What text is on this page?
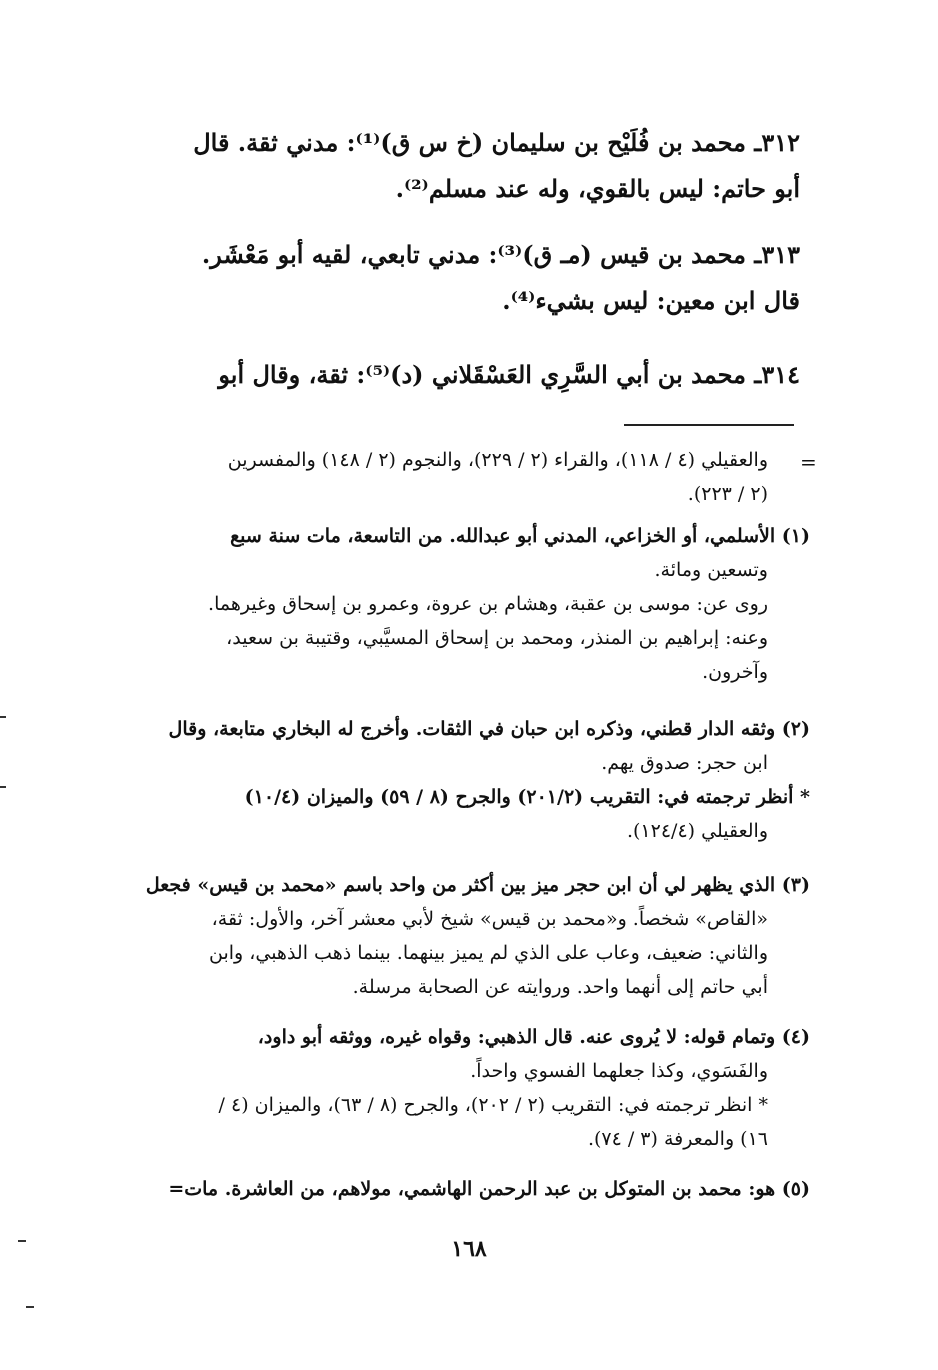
٣١٢ـ محمد بن فُلَيْح بن سليمان (خ س ق)⁽¹⁾: مدني ثقة. قال
أبو حاتم: ليس بالقوي، وله عند مسلم⁽²⁾.
٣١٣ـ محمد بن قيس (مـ ق)⁽³⁾: مدني تابعي، لقيه أبو مَعْشَر.
قال ابن معين: ليس بشيء⁽⁴⁾.
٣١٤ـ محمد بن أبي السَّرِي العَسْقَلاني (د)⁽⁵⁾: ثقة، وقال أبو
=
والعقيلي (٤ / ١١٨)، والقراء (٢ / ٢٢٩)، والنجوم (٢ / ١٤٨) والمفسرين
(٢ / ٢٢٣).
(١) الأسلمي، أو الخزاعي، المدني أبو عبدالله. من التاسعة، مات سنة سبع
وتسعين ومائة.
روى عن: موسى بن عقبة، وهشام بن عروة، وعمرو بن إسحاق وغيرهما.
وعنه: إبراهيم بن المنذر، ومحمد بن إسحاق المسيَّبي، وقتيبة بن سعيد،
وآخرون.
(٢) وثقه الدار قطني، وذكره ابن حبان في الثقات. وأخرج له البخاري متابعة، وقال
ابن حجر: صدوق يهم.
* أنظر ترجمته في: التقريب (٢٠١/٢) والجرح (٨ / ٥٩) والميزان (١٠/٤)
والعقيلي (١٢٤/٤).
(٣) الذي يظهر لي أن ابن حجر ميز بين أكثر من واحد باسم «محمد بن قيس» فجعل
«القاص» شخصاً. و«محمد بن قيس» شيخ لأبي معشر آخر، والأول: ثقة،
والثاني: ضعيف، وعاب على الذي لم يميز بينهما. بينما ذهب الذهبي، وابن
أبي حاتم إلى أنهما واحد. وروايته عن الصحابة مرسلة.
(٤) وتمام قوله: لا يُروى عنه. قال الذهبي: وقواه غيره، ووثقه أبو داود،
والفَسَوي، وكذا جعلهما الفسوي واحداً.
* انظر ترجمته في: التقريب (٢ / ٢٠٢)، والجرح (٨ / ٦٣)، والميزان (٤ /
١٦) والمعرفة (٣ / ٧٤).
(٥) هو: محمد بن المتوكل بن عبد الرحمن الهاشمي، مولاهم، من العاشرة. مات=
١٦٨
